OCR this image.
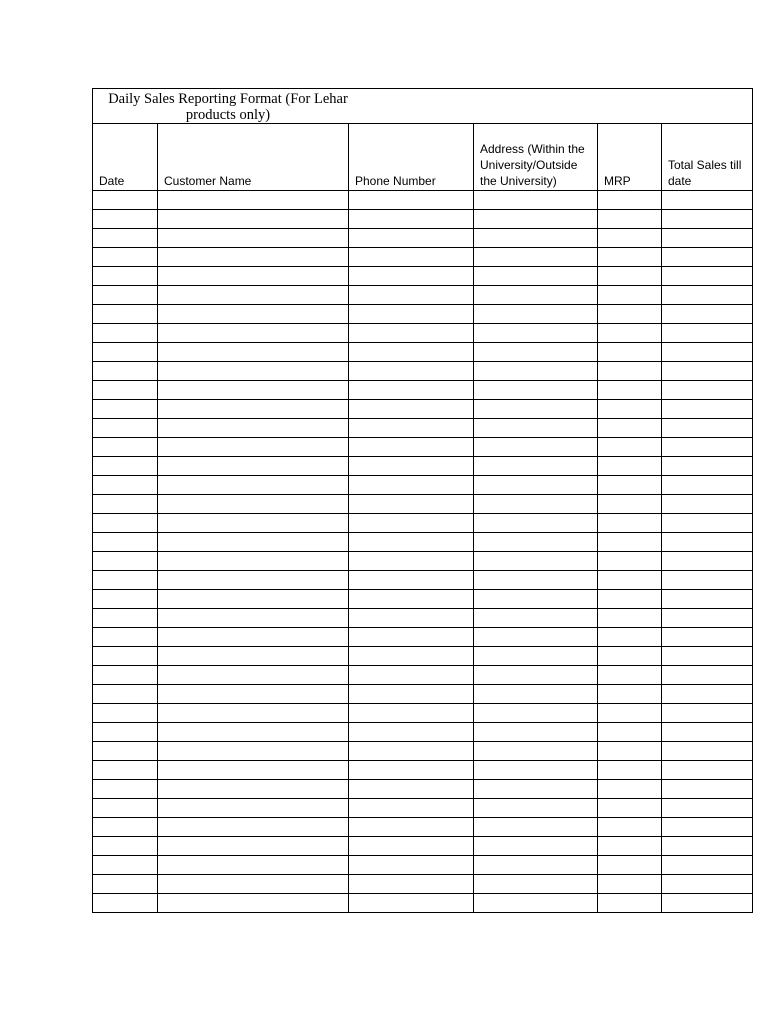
Daily Sales Reporting Format (For Lehar products only)					

Date	Customer Name	Phone Number	Address (Within the University/Outside the University)	MRP	Total Sales till date
